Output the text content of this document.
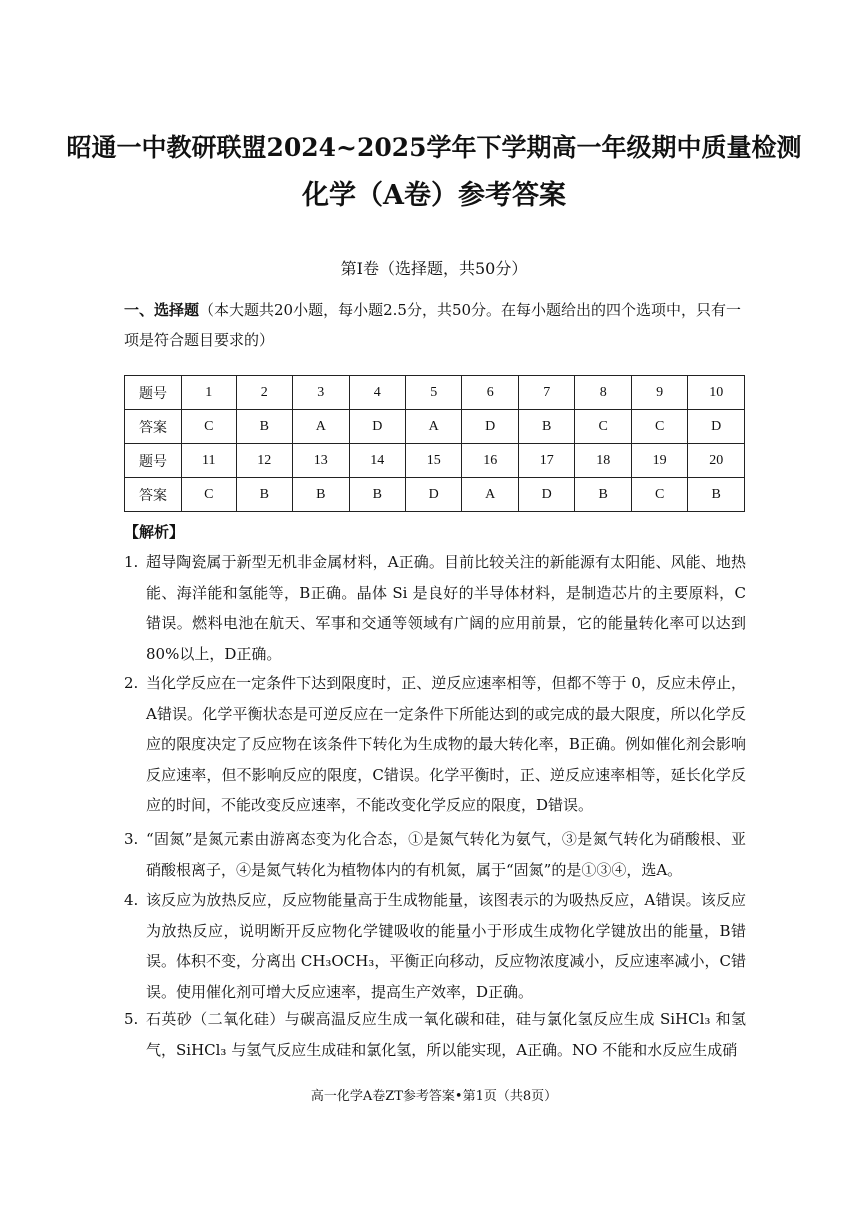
昭通一中教研联盟2024~2025学年下学期高一年级期中质量检测
化学（A卷）参考答案
第Ⅰ卷（选择题，共50分）

一、选择题（本大题共20小题，每小题2.5分，共50分。在每小题给出的四个选项中，只有一项是符合题目要求的）

题号	1	2	3	4	5	6	7	8	9	10
答案	C	B	A	D	A	D	B	C	C	D
题号	11	12	13	14	15	16	17	18	19	20
答案	C	B	B	B	D	A	D	B	C	B
【解析】

1. 超导陶瓷属于新型无机非金属材料，A正确。目前比较关注的新能源有太阳能、风能、地热能、海洋能和氢能等，B正确。晶体 Si 是良好的半导体材料，是制造芯片的主要原料，C错误。燃料电池在航天、军事和交通等领域有广阔的应用前景，它的能量转化率可以达到80%以上，D正确。

2. 当化学反应在一定条件下达到限度时，正、逆反应速率相等，但都不等于 0，反应未停止，A错误。化学平衡状态是可逆反应在一定条件下所能达到的或完成的最大限度，所以化学反应的限度决定了反应物在该条件下转化为生成物的最大转化率，B正确。例如催化剂会影响反应速率，但不影响反应的限度，C错误。化学平衡时，正、逆反应速率相等，延长化学反应的时间，不能改变反应速率，不能改变化学反应的限度，D错误。

3. “固氮”是氮元素由游离态变为化合态，①是氮气转化为氨气，③是氮气转化为硝酸根、亚硝酸根离子，④是氮气转化为植物体内的有机氮，属于“固氮”的是①③④，选A。

4. 该反应为放热反应，反应物能量高于生成物能量，该图表示的为吸热反应，A错误。该反应为放热反应，说明断开反应物化学键吸收的能量小于形成生成物化学键放出的能量，B错误。体积不变，分离出 CH₃OCH₃，平衡正向移动，反应物浓度减小，反应速率减小，C错误。使用催化剂可增大反应速率，提高生产效率，D正确。

5. 石英砂（二氧化硅）与碳高温反应生成一氧化碳和硅，硅与氯化氢反应生成 SiHCl₃ 和氢气，SiHCl₃ 与氢气反应生成硅和氯化氢，所以能实现，A正确。NO 不能和水反应生成硝

高一化学A卷ZT参考答案•第1页（共8页）
